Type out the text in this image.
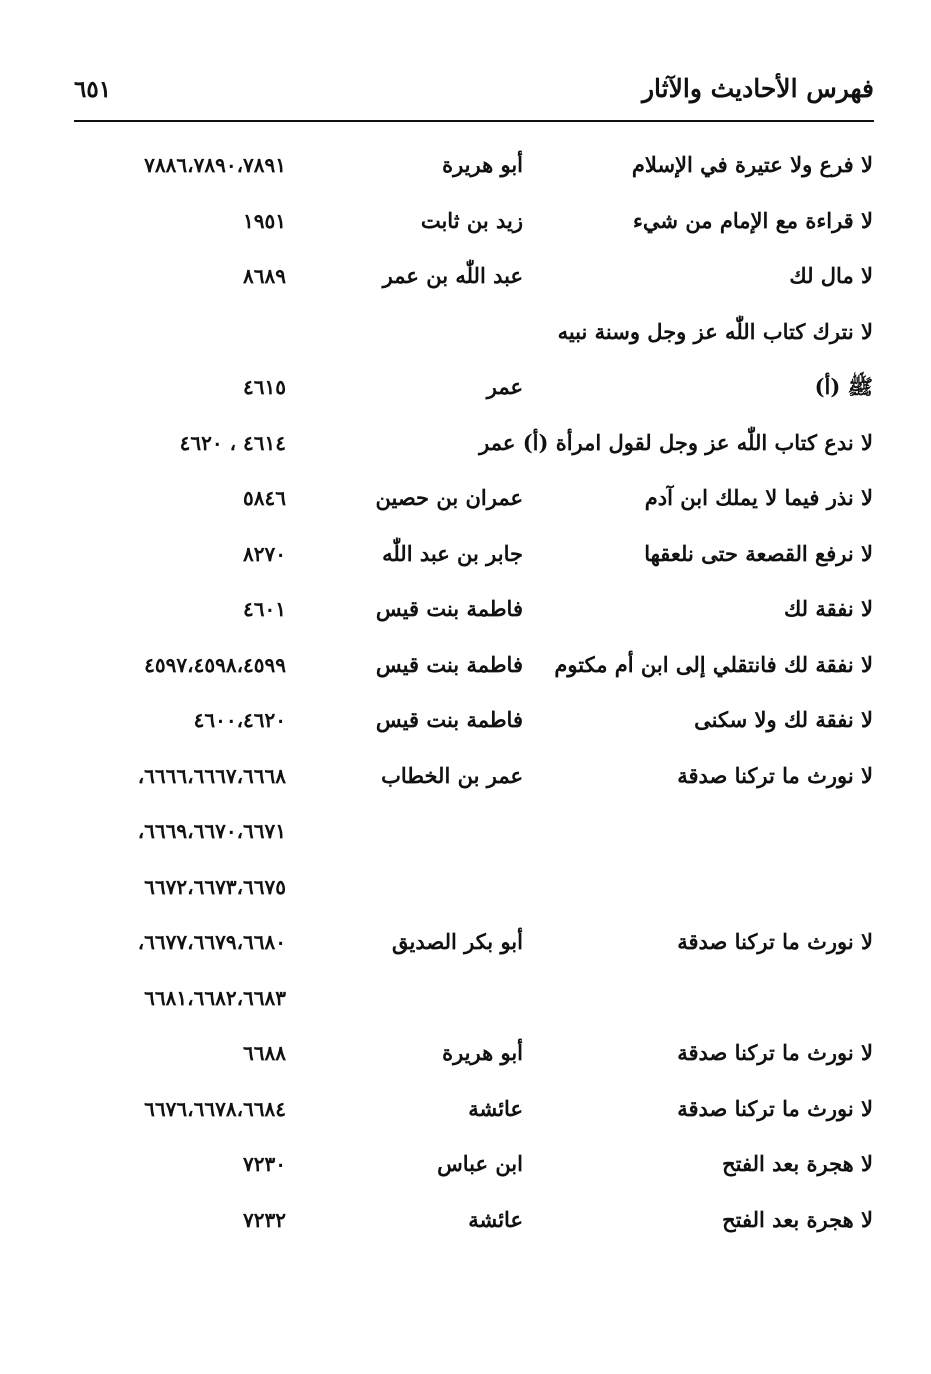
فهرس الأحاديث والآثار
٦٥١
لا فرع ولا عتيرة في الإسلام
أبو هريرة
٧٨٨٦،٧٨٩٠،٧٨٩١
لا قراءة مع الإمام من شيء
زيد بن ثابت
١٩٥١
لا مال لك
عبد اللّٰه بن عمر
٨٦٨٩
لا نترك كتاب اللّٰه عز وجل وسنة نبيه
ﷺ (أ)
عمر
٤٦١٥
لا ندع كتاب اللّٰه عز وجل لقول امرأة (أ) عمر
٤٦١٤ ، ٤٦٢٠
لا نذر فيما لا يملك ابن آدم
عمران بن حصين
٥٨٤٦
لا نرفع القصعة حتى نلعقها
جابر بن عبد اللّٰه
٨٢٧٠
لا نفقة لك
فاطمة بنت قيس
٤٦٠١
لا نفقة لك فانتقلي إلى ابن أم مكتوم
فاطمة بنت قيس
٤٥٩٧،٤٥٩٨،٤٥٩٩
لا نفقة لك ولا سكنى
فاطمة بنت قيس
٤٦٠٠،٤٦٢٠
لا نورث ما تركنا صدقة
عمر بن الخطاب
٦٦٦٦،٦٦٦٧،٦٦٦٨،
٦٦٦٩،٦٦٧٠،٦٦٧١،
٦٦٧٢،٦٦٧٣،٦٦٧٥
لا نورث ما تركنا صدقة
أبو بكر الصديق
٦٦٧٧،٦٦٧٩،٦٦٨٠،
٦٦٨١،٦٦٨٢،٦٦٨٣
لا نورث ما تركنا صدقة
أبو هريرة
٦٦٨٨
لا نورث ما تركنا صدقة
عائشة
٦٦٧٦،٦٦٧٨،٦٦٨٤
لا هجرة بعد الفتح
ابن عباس
٧٢٣٠
لا هجرة بعد الفتح
عائشة
٧٢٣٢
